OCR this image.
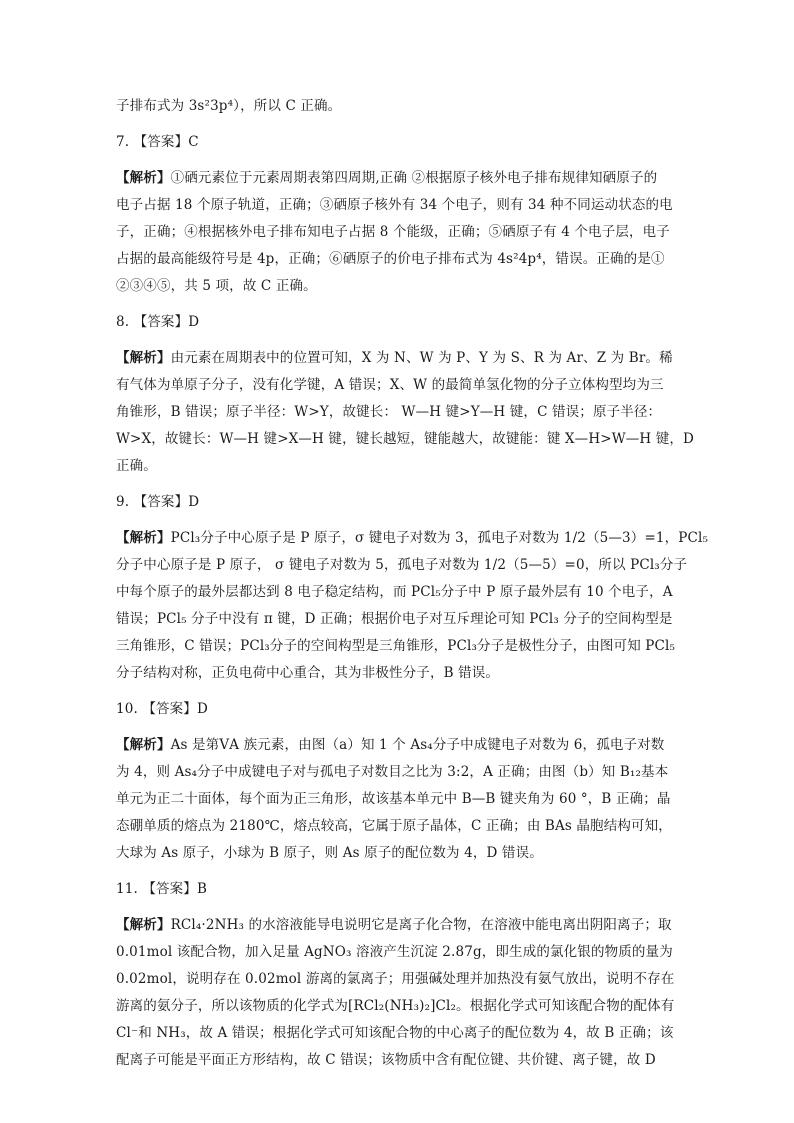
子排布式为 3s²3p⁴），所以 C 正确。
7. 【答案】C
【解析】①硒元素位于元素周期表第四周期,正确 ②根据原子核外电子排布规律知硒原子的
电子占据 18 个原子轨道，正确；③硒原子核外有 34 个电子，则有 34 种不同运动状态的电
子，正确；④根据核外电子排布知电子占据 8 个能级，正确；⑤硒原子有 4 个电子层，电子
占据的最高能级符号是 4p，正确；⑥硒原子的价电子排布式为 4s²4p⁴，错误。正确的是①
②③④⑤，共 5 项，故 C 正确。
8. 【答案】D
【解析】由元素在周期表中的位置可知，X 为 N、W 为 P、Y 为 S、R 为 Ar、Z 为 Br。稀
有气体为单原子分子，没有化学键，A 错误；X、W 的最简单氢化物的分子立体构型均为三
角锥形，B 错误；原子半径：W>Y，故键长： W—H 键>Y—H 键，C 错误；原子半径：
W>X，故键长：W—H 键>X—H 键，键长越短，键能越大，故键能：键 X—H>W—H 键，D
正确。
9. 【答案】D
【解析】PCl₃分子中心原子是 P 原子，σ 键电子对数为 3，孤电子对数为 1/2（5—3）=1，PCl₅
分子中心原子是 P 原子， σ 键电子对数为 5，孤电子对数为 1/2（5—5）=0，所以 PCl₃分子
中每个原子的最外层都达到 8 电子稳定结构，而 PCl₅分子中 P 原子最外层有 10 个电子，A
错误；PCl₅ 分子中没有 π 键，D 正确；根据价电子对互斥理论可知 PCl₃ 分子的空间构型是
三角锥形，C 错误；PCl₃分子的空间构型是三角锥形，PCl₃分子是极性分子，由图可知 PCl₅
分子结构对称，正负电荷中心重合，其为非极性分子，B 错误。
10. 【答案】D
【解析】As 是第ⅤA 族元素，由图（a）知 1 个 As₄分子中成键电子对数为 6，孤电子对数
为 4，则 As₄分子中成键电子对与孤电子对数目之比为 3:2，A 正确；由图（b）知 B₁₂基本
单元为正二十面体，每个面为正三角形，故该基本单元中 B—B 键夹角为 60 °，B 正确；晶
态硼单质的熔点为 2180℃，熔点较高，它属于原子晶体，C 正确；由 BAs 晶胞结构可知，
大球为 As 原子，小球为 B 原子，则 As 原子的配位数为 4，D 错误。
11. 【答案】B
【解析】RCl₄·2NH₃ 的水溶液能导电说明它是离子化合物，在溶液中能电离出阴阳离子；取
0.01mol 该配合物，加入足量 AgNO₃ 溶液产生沉淀 2.87g，即生成的氯化银的物质的量为
0.02mol，说明存在 0.02mol 游离的氯离子；用强碱处理并加热没有氨气放出，说明不存在
游离的氨分子，所以该物质的化学式为[RCl₂(NH₃)₂]Cl₂。根据化学式可知该配合物的配体有
Cl⁻和 NH₃，故 A 错误；根据化学式可知该配合物的中心离子的配位数为 4，故 B 正确；该
配离子可能是平面正方形结构，故 C 错误；该物质中含有配位键、共价键、离子键，故 D
